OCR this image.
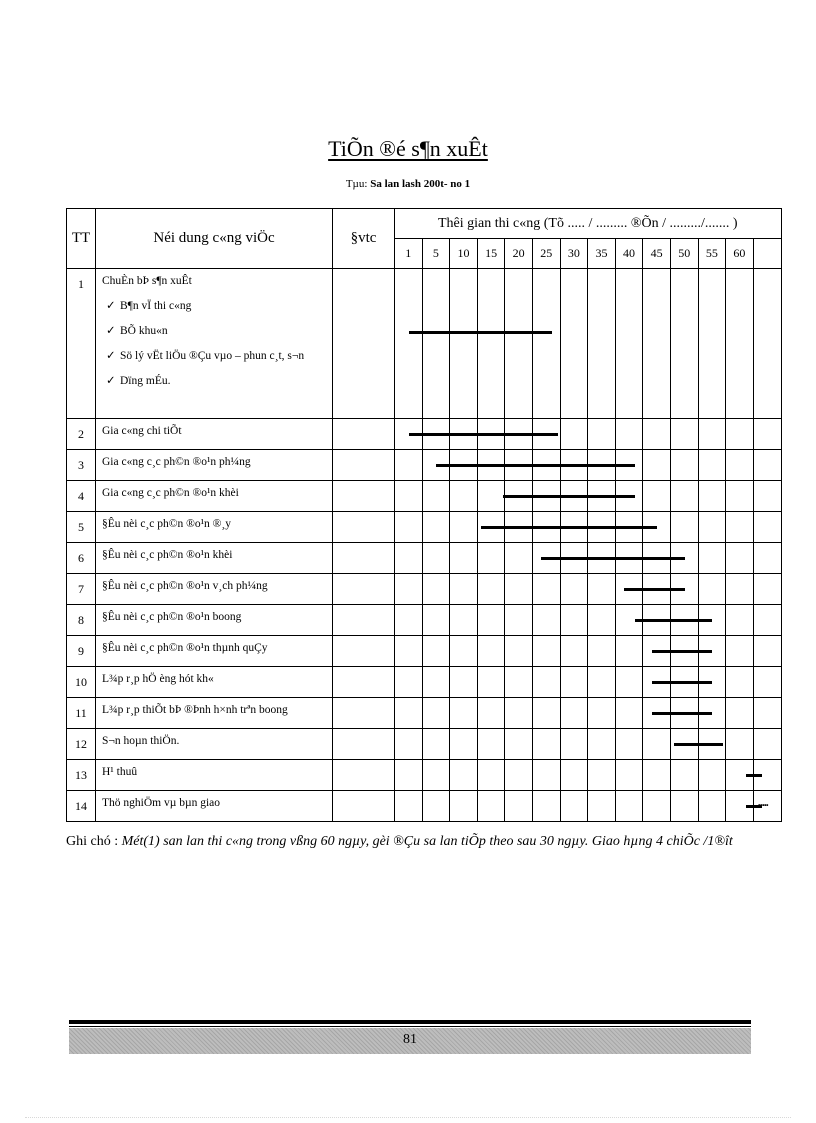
TiÕn ®é s¶n xuÊt
Tµu: Sa lan lash 200t- no 1
TT	Néi dung c«ng viÖc	§vtc	Thêi gian thi c«ng (Tõ ..... / ......... ®Õn / ........./....... )													
			1	5	10	15	20	25	30	35	40	45	50	55	60	
1	ChuÈn bÞ s¶n xuÊt
✓ B¶n vÏ thi c«ng
✓ BÕ khu«n
✓ Sö lý vËt liÖu ®Çu vµo – phun c¸t, s¬n
✓ Dïng mÉu.															

2	Gia c«ng chi tiÕt															

3	Gia c«ng c¸c ph©n ®o¹n ph¼ng															

4	Gia c«ng c¸c ph©n ®o¹n khèi															

5	§Êu nèi c¸c ph©n ®o¹n ®¸y															

6	§Êu nèi c¸c ph©n ®o¹n khèi															

7	§Êu nèi c¸c ph©n ®o¹n v¸ch ph¼ng															

8	§Êu nèi c¸c ph©n ®o¹n boong															

9	§Êu nèi c¸c ph©n ®o¹n thµnh quÇy															

10	L¾p r¸p hÖ èng hót kh«															

11	L¾p r¸p thiÕt bÞ ®Þnh h×nh trªn boong															

12	S¬n hoµn thiÖn.															

13	H¹ thuû															

14	Thö nghiÖm vµ bµn giao		.....													

Ghi chó : Mét(1) san lan thi c«ng trong vßng 60 ngµy, gèi ®Çu sa lan tiÕp theo sau 30 ngµy. Giao hµng 4 chiÕc /1®ît
81
